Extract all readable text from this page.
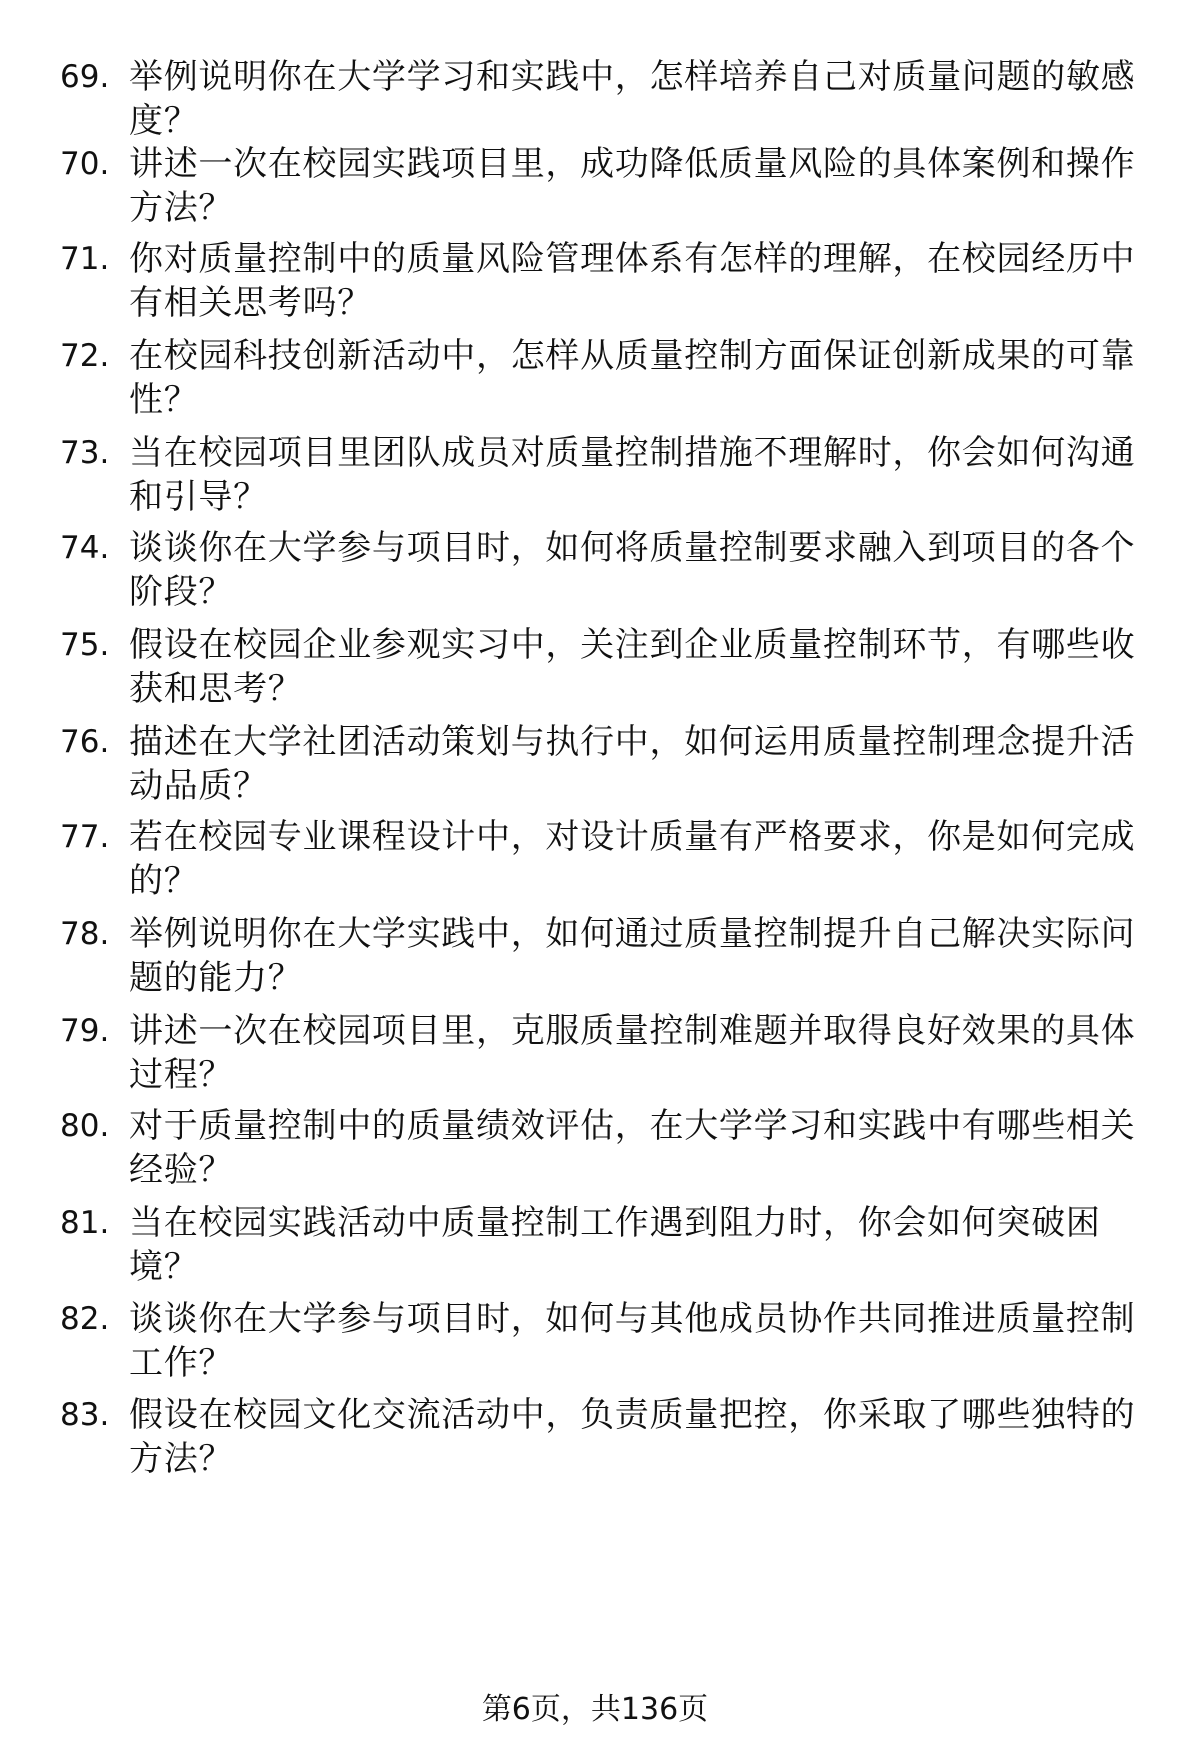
69. 举例说明你在大学学习和实践中，怎样培养自己对质量问题的敏感度？
70. 讲述一次在校园实践项目里，成功降低质量风险的具体案例和操作方法？
71. 你对质量控制中的质量风险管理体系有怎样的理解，在校园经历中有相关思考吗？
72. 在校园科技创新活动中，怎样从质量控制方面保证创新成果的可靠性？
73. 当在校园项目里团队成员对质量控制措施不理解时，你会如何沟通和引导？
74. 谈谈你在大学参与项目时，如何将质量控制要求融入到项目的各个阶段？
75. 假设在校园企业参观实习中，关注到企业质量控制环节，有哪些收获和思考？
76. 描述在大学社团活动策划与执行中，如何运用质量控制理念提升活动品质？
77. 若在校园专业课程设计中，对设计质量有严格要求，你是如何完成的？
78. 举例说明你在大学实践中，如何通过质量控制提升自己解决实际问题的能力？
79. 讲述一次在校园项目里，克服质量控制难题并取得良好效果的具体过程？
80. 对于质量控制中的质量绩效评估，在大学学习和实践中有哪些相关经验？
81. 当在校园实践活动中质量控制工作遇到阻力时，你会如何突破困境？
82. 谈谈你在大学参与项目时，如何与其他成员协作共同推进质量控制工作？
83. 假设在校园文化交流活动中，负责质量把控，你采取了哪些独特的方法？
第6页，共136页
